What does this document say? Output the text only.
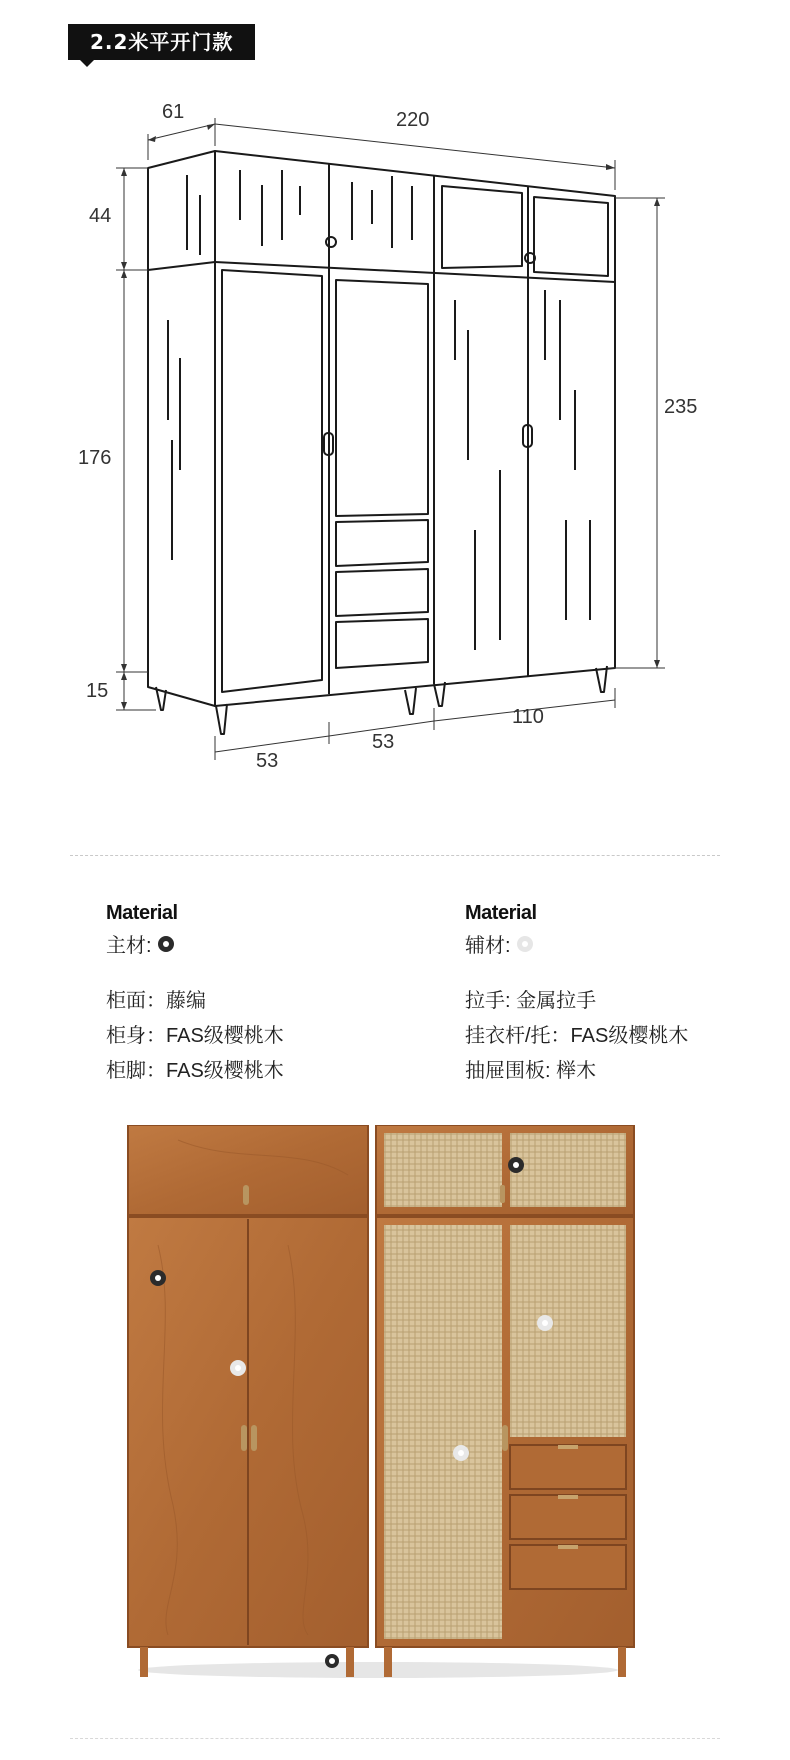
2.2米平开门款
61	220
44
176
15
235
53
53
110
Material
主材:
柜面：藤编
柜身：FAS级樱桃木
柜脚：FAS级樱桃木
Material
辅材:
拉手: 金属拉手
挂衣杆/托：FAS级樱桃木
抽屉围板: 榉木
